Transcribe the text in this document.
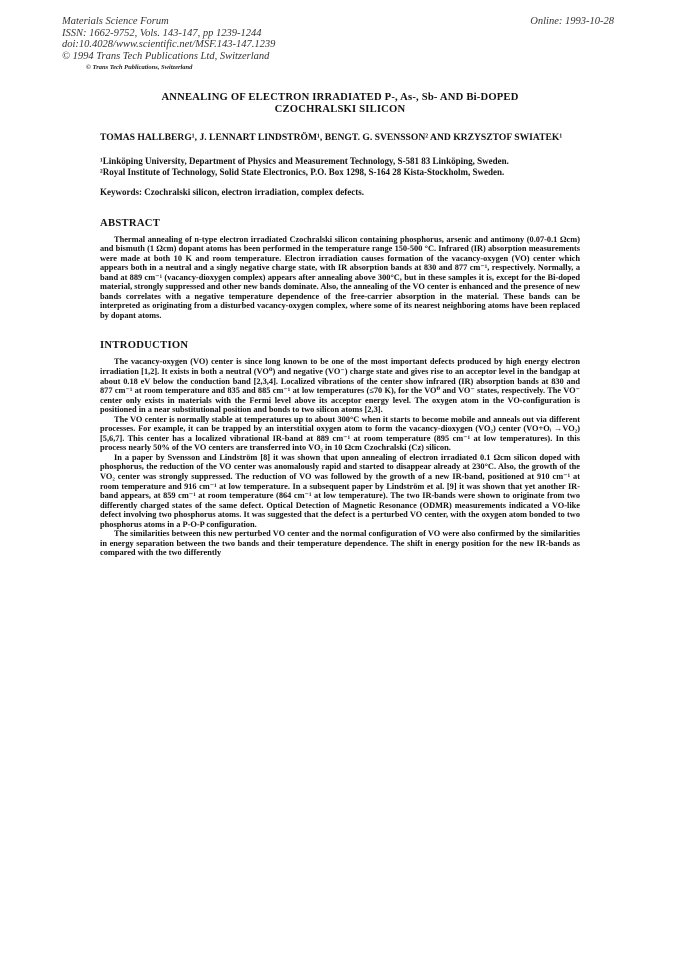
Materials Science Forum
ISSN: 1662-9752, Vols. 143-147, pp 1239-1244
doi:10.4028/www.scientific.net/MSF.143-147.1239
© 1994 Trans Tech Publications Ltd, Switzerland
Online: 1993-10-28
© Trans Tech Publications, Switzerland
ANNEALING OF ELECTRON IRRADIATED P-, As-, Sb- AND Bi-DOPED
CZOCHRALSKI SILICON
TOMAS HALLBERG¹, J. LENNART LINDSTRÖM¹, BENGT. G. SVENSSON² AND KRZYSZTOF SWIATEK¹

¹Linköping University, Department of Physics and Measurement Technology, S-581 83 Linköping, Sweden.

²Royal Institute of Technology, Solid State Electronics, P.O. Box 1298, S-164 28 Kista-Stockholm, Sweden.

Keywords: Czochralski silicon, electron irradiation, complex defects.
ABSTRACT

Thermal annealing of n-type electron irradiated Czochralski silicon containing phosphorus, arsenic and antimony (0.07-0.1 Ωcm) and bismuth (1 Ωcm) dopant atoms has been performed in the temperature range 150-500 °C. Infrared (IR) absorption measurements were made at both 10 K and room temperature. Electron irradiation causes formation of the vacancy-oxygen (VO) center which appears both in a neutral and a singly negative charge state, with IR absorption bands at 830 and 877 cm⁻¹, respectively. Normally, a band at 889 cm⁻¹ (vacancy-dioxygen complex) appears after annealing above 300°C, but in these samples it is, except for the Bi-doped material, strongly suppressed and other new bands dominate. Also, the annealing of the VO center is enhanced and the presence of new bands correlates with a negative temperature dependence of the free-carrier absorption in the material. These bands can be interpreted as originating from a disturbed vacancy-oxygen complex, where some of its nearest neighboring atoms have been replaced by dopant atoms.

INTRODUCTION

The vacancy-oxygen (VO) center is since long known to be one of the most important defects produced by high energy electron irradiation [1,2]. It exists in both a neutral (VO⁰) and negative (VO⁻) charge state and gives rise to an acceptor level in the bandgap at about 0.18 eV below the conduction band [2,3,4]. Localized vibrations of the center show infrared (IR) absorption bands at 830 and 877 cm⁻¹ at room temperature and 835 and 885 cm⁻¹ at low temperatures (≤70 K), for the VO⁰ and VO⁻ states, respectively. The VO⁻ center only exists in materials with the Fermi level above its acceptor energy level. The oxygen atom in the VO-configuration is positioned in a near substitutional position and bonds to two silicon atoms [2,3].

The VO center is normally stable at temperatures up to about 300°C when it starts to become mobile and anneals out via different processes. For example, it can be trapped by an interstitial oxygen atom to form the vacancy-dioxygen (VO₂) center (VO+Oᵢ →VO₂) [5,6,7]. This center has a localized vibrational IR-band at 889 cm⁻¹ at room temperature (895 cm⁻¹ at low temperatures). In this process nearly 50% of the VO centers are transferred into VO₂ in 10 Ωcm Czochralski (Cz) silicon.

In a paper by Svensson and Lindström [8] it was shown that upon annealing of electron irradiated 0.1 Ωcm silicon doped with phosphorus, the reduction of the VO center was anomalously rapid and started to disappear already at 230°C. Also, the growth of the VO₂ center was strongly suppressed. The reduction of VO was followed by the growth of a new IR-band, positioned at 910 cm⁻¹ at room temperature and 916 cm⁻¹ at low temperature. In a subsequent paper by Lindström et al. [9] it was shown that yet another IR-band appears, at 859 cm⁻¹ at room temperature (864 cm⁻¹ at low temperature). The two IR-bands were shown to originate from two differently charged states of the same defect. Optical Detection of Magnetic Resonance (ODMR) measurements indicated a VO-like defect involving two phosphorus atoms. It was suggested that the defect is a perturbed VO center, with the oxygen atom bonded to two phosphorus atoms in a P-O-P configuration.

The similarities between this new perturbed VO center and the normal configuration of VO were also confirmed by the similarities in energy separation between the two bands and their temperature dependence. The shift in energy position for the new IR-bands as compared with the two differently
